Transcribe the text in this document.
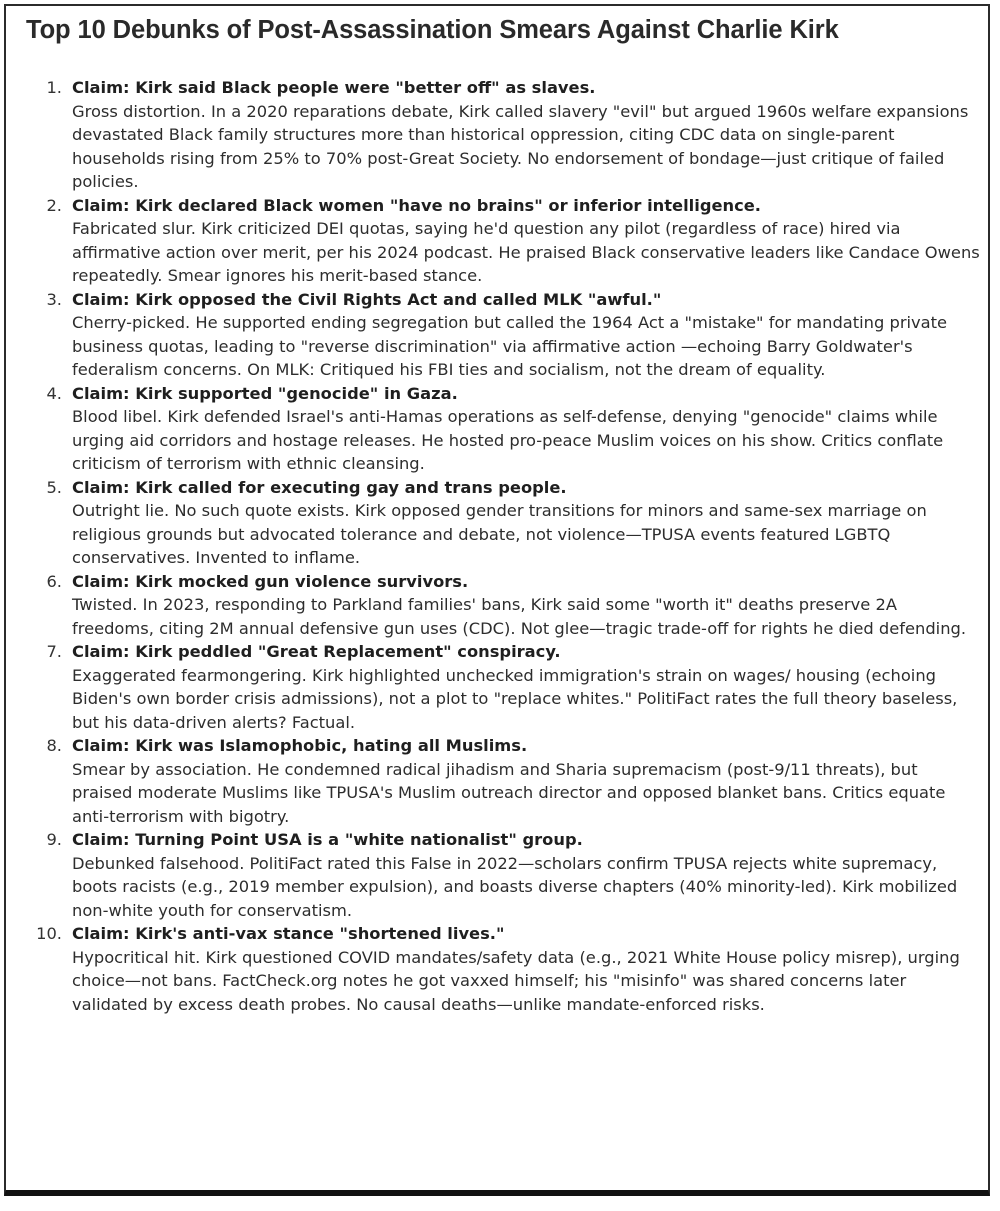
Top 10 Debunks of Post-Assassination Smears Against Charlie Kirk
1. Claim: Kirk said Black people were "better off" as slaves.
Gross distortion. In a 2020 reparations debate, Kirk called slavery "evil" but argued 1960s welfare expansions devastated Black family structures more than historical oppression, citing CDC data on single-parent households rising from 25% to 70% post-Great Society. No endorsement of bondage—just critique of failed policies.
2. Claim: Kirk declared Black women "have no brains" or inferior intelligence.
Fabricated slur. Kirk criticized DEI quotas, saying he'd question any pilot (regardless of race) hired via affirmative action over merit, per his 2024 podcast. He praised Black conservative leaders like Candace Owens repeatedly. Smear ignores his merit-based stance.
3. Claim: Kirk opposed the Civil Rights Act and called MLK "awful."
Cherry-picked. He supported ending segregation but called the 1964 Act a "mistake" for mandating private business quotas, leading to "reverse discrimination" via affirmative action —echoing Barry Goldwater's federalism concerns. On MLK: Critiqued his FBI ties and socialism, not the dream of equality.
4. Claim: Kirk supported "genocide" in Gaza.
Blood libel. Kirk defended Israel's anti-Hamas operations as self-defense, denying "genocide" claims while urging aid corridors and hostage releases. He hosted pro-peace Muslim voices on his show. Critics conflate criticism of terrorism with ethnic cleansing.
5. Claim: Kirk called for executing gay and trans people.
Outright lie. No such quote exists. Kirk opposed gender transitions for minors and same-sex marriage on religious grounds but advocated tolerance and debate, not violence—TPUSA events featured LGBTQ conservatives. Invented to inflame.
6. Claim: Kirk mocked gun violence survivors.
Twisted. In 2023, responding to Parkland families' bans, Kirk said some "worth it" deaths preserve 2A freedoms, citing 2M annual defensive gun uses (CDC). Not glee—tragic trade-off for rights he died defending.
7. Claim: Kirk peddled "Great Replacement" conspiracy.
Exaggerated fearmongering. Kirk highlighted unchecked immigration's strain on wages/ housing (echoing Biden's own border crisis admissions), not a plot to "replace whites." PolitiFact rates the full theory baseless, but his data-driven alerts? Factual.
8. Claim: Kirk was Islamophobic, hating all Muslims.
Smear by association. He condemned radical jihadism and Sharia supremacism (post-9/11 threats), but praised moderate Muslims like TPUSA's Muslim outreach director and opposed blanket bans. Critics equate anti-terrorism with bigotry.
9. Claim: Turning Point USA is a "white nationalist" group.
Debunked falsehood. PolitiFact rated this False in 2022—scholars confirm TPUSA rejects white supremacy, boots racists (e.g., 2019 member expulsion), and boasts diverse chapters (40% minority-led). Kirk mobilized non-white youth for conservatism.
10. Claim: Kirk's anti-vax stance "shortened lives."
Hypocritical hit. Kirk questioned COVID mandates/safety data (e.g., 2021 White House policy misrep), urging choice—not bans. FactCheck.org notes he got vaxxed himself; his "misinfo" was shared concerns later validated by excess death probes. No causal deaths—unlike mandate-enforced risks.
